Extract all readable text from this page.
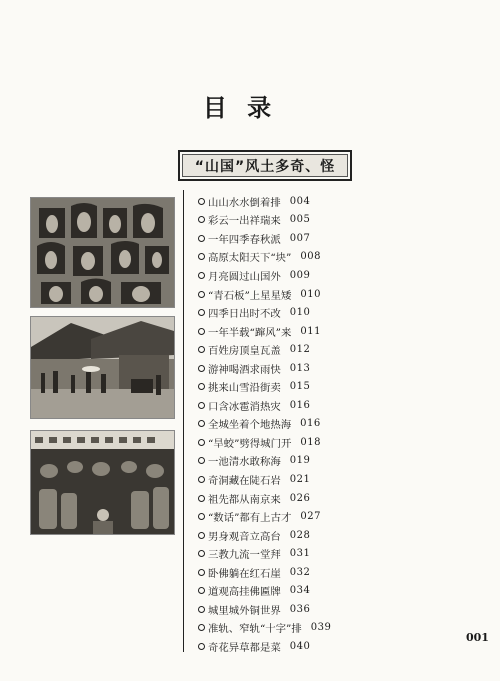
目 录
“山国”风土多奇、怪
山山水水倒着排 004
彩云一出祥瑞来 005
一年四季春秋派 007
高原太阳天下“块” 008
月亮圆过山国外 009
“青石板”上星星矮 010
四季日出时不改 010
一年半载“蹿风”来 011
百姓房顶皇瓦盖 012
游神喝酒求雨快 013
挑来山雪沿街卖 015
口含冰雹消热灾 016
全城坐着个地热海 016
“旱蛟”劈得城门开 018
一池清水敢称海 019
奇洞藏在陡石岩 021
祖先都从南京来 026
“数话”都有上古才 027
男身观音立高台 028
三教九流一堂拜 031
卧佛躺在红石崖 032
道观高挂佛匾牌 034
城里城外铜世界 036
准轨、窄轨“十字”排 039
奇花异草都是菜 040
001
